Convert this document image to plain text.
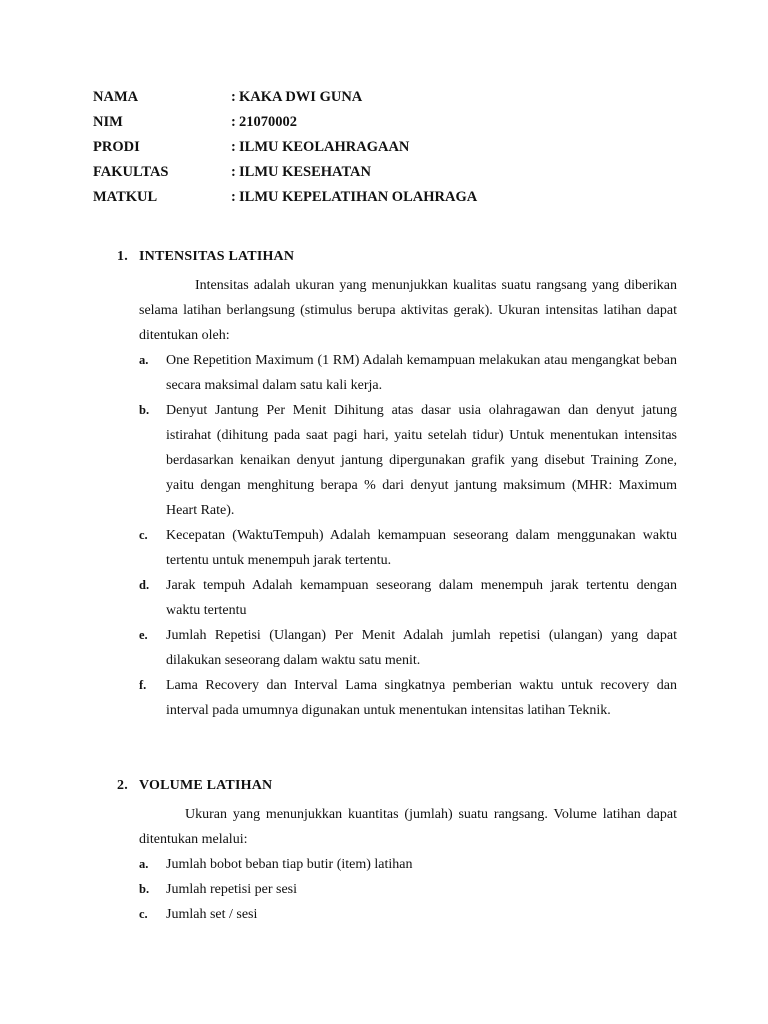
NAMA	: KAKA DWI GUNA
NIM	: 21070002
PRODI	: ILMU KEOLAHRAGAAN
FAKULTAS	: ILMU KESEHATAN
MATKUL	: ILMU KEPELATIHAN OLAHRAGA
1. INTENSITAS LATIHAN

Intensitas adalah ukuran yang menunjukkan kualitas suatu rangsang yang diberikan selama latihan berlangsung (stimulus berupa aktivitas gerak). Ukuran intensitas latihan dapat ditentukan oleh:

a.	One Repetition Maximum (1 RM) Adalah kemampuan melakukan atau mengangkat beban secara maksimal dalam satu kali kerja.
b.	Denyut Jantung Per Menit Dihitung atas dasar usia olahragawan dan denyut jatung istirahat (dihitung pada saat pagi hari, yaitu setelah tidur) Untuk menentukan intensitas berdasarkan kenaikan denyut jantung dipergunakan grafik yang disebut Training Zone, yaitu dengan menghitung berapa % dari denyut jantung maksimum (MHR: Maximum Heart Rate).
c.	Kecepatan (WaktuTempuh) Adalah kemampuan seseorang dalam menggunakan waktu tertentu untuk menempuh jarak tertentu.
d.	Jarak tempuh Adalah kemampuan seseorang dalam menempuh jarak tertentu dengan waktu tertentu
e.	Jumlah Repetisi (Ulangan) Per Menit Adalah jumlah repetisi (ulangan) yang dapat dilakukan seseorang dalam waktu satu menit.
f.	Lama Recovery dan Interval Lama singkatnya pemberian waktu untuk recovery dan interval pada umumnya digunakan untuk menentukan intensitas latihan Teknik.
2. VOLUME LATIHAN

Ukuran yang menunjukkan kuantitas (jumlah) suatu rangsang. Volume latihan dapat ditentukan melalui:

a.	Jumlah bobot beban tiap butir (item) latihan
b.	Jumlah repetisi per sesi
c.	Jumlah set / sesi
